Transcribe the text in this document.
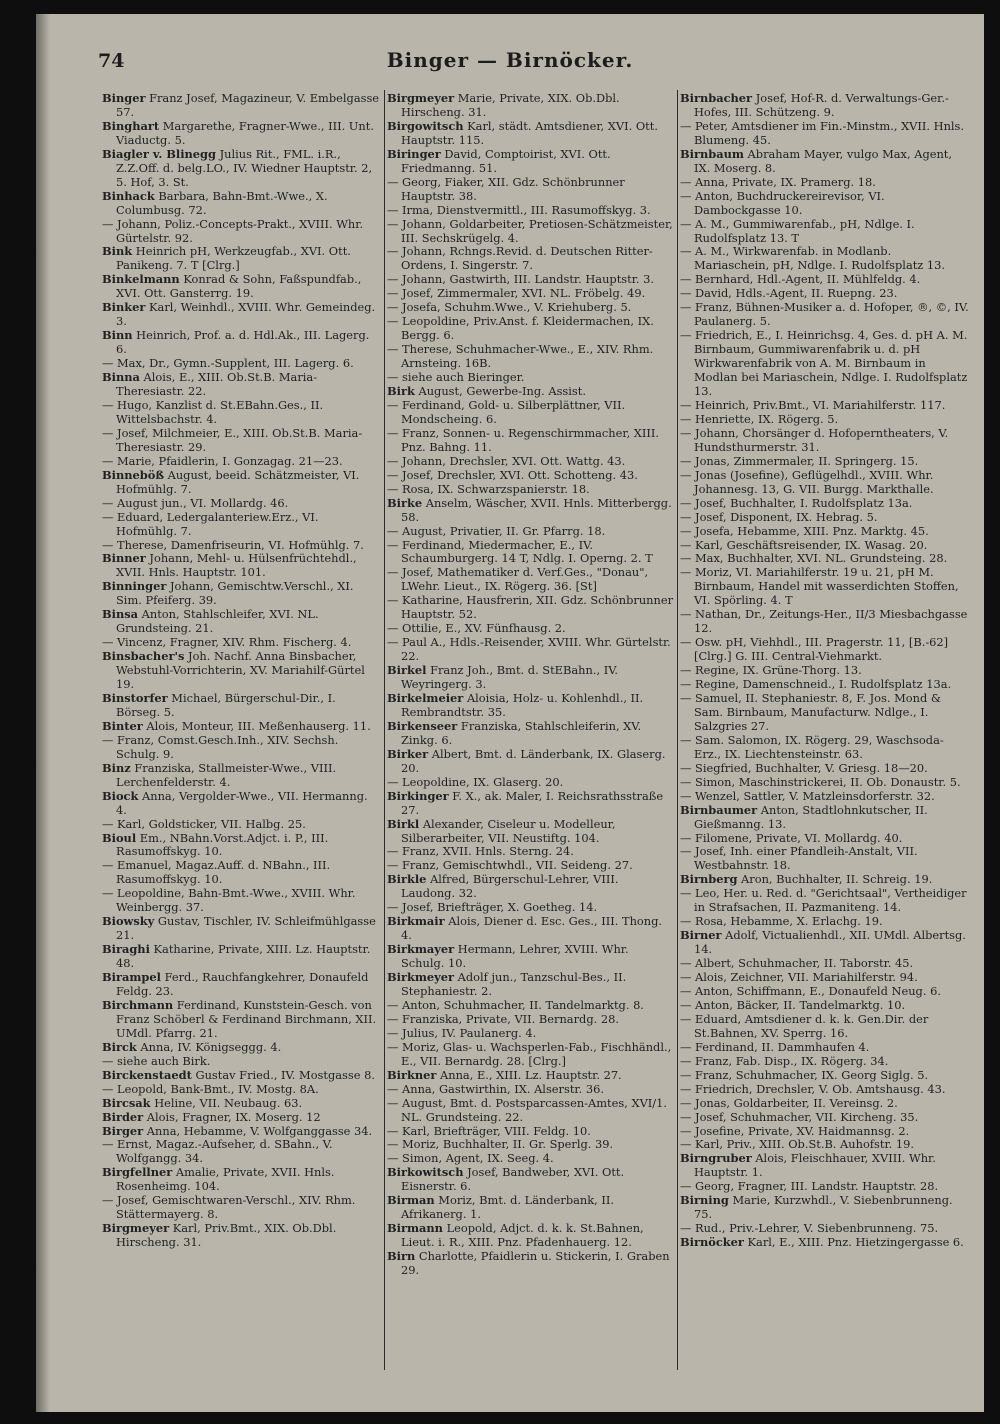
74	Binger — Birnöcker.

Binger Franz Josef, Magazineur, V. Embelgasse 57.

Binghart Margarethe, Fragner-Wwe., III. Unt. Viaductg. 5.

Biagler v. Blinegg Julius Rit., FML. i.R., Z.Z.Off. d. belg.LO., IV. Wiedner Hauptstr. 2, 5. Hof, 3. St.

Binhack Barbara, Bahn-Bmt.-Wwe., X. Columbusg. 72.

— Johann, Poliz.-Concepts-Prakt., XVIII. Whr. Gürtelstr. 92.

Bink Heinrich pH, Werkzeugfab., XVI. Ott. Panikeng. 7. T [Clrg.]

Binkelmann Konrad & Sohn, Faßspundfab., XVI. Ott. Gansterrg. 19.

Binker Karl, Weinhdl., XVIII. Whr. Gemeindeg. 3.

Binn Heinrich, Prof. a. d. Hdl.Ak., III. Lagerg. 6.

— Max, Dr., Gymn.-Supplent, III. Lagerg. 6.

Binna Alois, E., XIII. Ob.St.B. Maria-Theresiastr. 22.

— Hugo, Kanzlist d. St.EBahn.Ges., II. Wittelsbachstr. 4.

— Josef, Milchmeier, E., XIII. Ob.St.B. Maria-Theresiastr. 29.

— Marie, Pfaidlerin, I. Gonzagag. 21—23.

Binneböß August, beeid. Schätzmeister, VI. Hofmühlg. 7.

— August jun., VI. Mollardg. 46.

— Eduard, Ledergalanteriew.Erz., VI. Hofmühlg. 7.

— Therese, Damenfriseurin, VI. Hofmühlg. 7.

Binner Johann, Mehl- u. Hülsenfrüchtehdl., XVII. Hnls. Hauptstr. 101.

Binninger Johann, Gemischtw.Verschl., XI. Sim. Pfeiferg. 39.

Binsa Anton, Stahlschleifer, XVI. NL. Grundsteing. 21.

— Vincenz, Fragner, XIV. Rhm. Fischerg. 4.

Binsbacher's Joh. Nachf. Anna Binsbacher, Webstuhl-Vorrichterin, XV. Mariahilf-Gürtel 19.

Binstorfer Michael, Bürgerschul-Dir., I. Börseg. 5.

Binter Alois, Monteur, III. Meßenhauserg. 11.

— Franz, Comst.Gesch.Inh., XIV. Sechsh. Schulg. 9.

Binz Franziska, Stallmeister-Wwe., VIII. Lerchenfelderstr. 4.

Biock Anna, Vergolder-Wwe., VII. Hermanng. 4.

— Karl, Goldsticker, VII. Halbg. 25.

Bioul Em., NBahn.Vorst.Adjct. i. P., III. Rasumoffskyg. 10.

— Emanuel, Magaz.Auff. d. NBahn., III. Rasumoffskyg. 10.

— Leopoldine, Bahn-Bmt.-Wwe., XVIII. Whr. Weinbergg. 37.

Biowsky Gustav, Tischler, IV. Schleifmühlgasse 21.

Biraghi Katharine, Private, XIII. Lz. Hauptstr. 48.

Birampel Ferd., Rauchfangkehrer, Donaufeld Feldg. 23.

Birchmann Ferdinand, Kunststein-Gesch. von Franz Schöberl & Ferdinand Birchmann, XII. UMdl. Pfarrg. 21.

Birck Anna, IV. Königseggg. 4.

— siehe auch Birk.

Birckenstaedt Gustav Fried., IV. Mostgasse 8.

— Leopold, Bank-Bmt., IV. Mostg. 8A.

Bircsak Heline, VII. Neubaug. 63.

Birder Alois, Fragner, IX. Moserg. 12

Birger Anna, Hebamme, V. Wolfganggasse 34.

— Ernst, Magaz.-Aufseher, d. SBahn., V. Wolfgangg. 34.

Birgfellner Amalie, Private, XVII. Hnls. Rosenheimg. 104.

— Josef, Gemischtwaren-Verschl., XIV. Rhm. Stättermayerg. 8.

Birgmeyer Karl, Priv.Bmt., XIX. Ob.Dbl. Hirscheng. 31.

Birgmeyer Marie, Private, XIX. Ob.Dbl. Hirscheng. 31.

Birgowitsch Karl, städt. Amtsdiener, XVI. Ott. Hauptstr. 115.

Biringer David, Comptoirist, XVI. Ott. Friedmanng. 51.

— Georg, Fiaker, XII. Gdz. Schönbrunner Hauptstr. 38.

— Irma, Dienstvermittl., III. Rasumoffskyg. 3.

— Johann, Goldarbeiter, Pretiosen-Schätzmeister, III. Sechskrügelg. 4.

— Johann, Rchngs.Revid. d. Deutschen Ritter-Ordens, I. Singerstr. 7.

— Johann, Gastwirth, III. Landstr. Hauptstr. 3.

— Josef, Zimmermaler, XVI. NL. Fröbelg. 49.

— Josefa, Schuhm.Wwe., V. Kriehuberg. 5.

— Leopoldine, Priv.Anst. f. Kleidermachen, IX. Bergg. 6.

— Therese, Schuhmacher-Wwe., E., XIV. Rhm. Arnsteing. 16B.

— siehe auch Bieringer.

Birk August, Gewerbe-Ing. Assist.

— Ferdinand, Gold- u. Silberplättner, VII. Mondscheing. 6.

— Franz, Sonnen- u. Regenschirmmacher, XIII. Pnz. Bahng. 11.

— Johann, Drechsler, XVI. Ott. Wattg. 43.

— Josef, Drechsler, XVI. Ott. Schotteng. 43.

— Rosa, IX. Schwarzspanierstr. 18.

Birke Anselm, Wäscher, XVII. Hnls. Mitterbergg. 58.

— August, Privatier, II. Gr. Pfarrg. 18.

— Ferdinand, Miedermacher, E., IV. Schaumburgerg. 14 T, Ndlg. I. Operng. 2. T

— Josef, Mathematiker d. Verf.Ges., "Donau", LWehr. Lieut., IX. Rögerg. 36. [St]

— Katharine, Hausfrerin, XII. Gdz. Schönbrunner Hauptstr. 52.

— Ottilie, E., XV. Fünfhausg. 2.

— Paul A., Hdls.-Reisender, XVIII. Whr. Gürtelstr. 22.

Birkel Franz Joh., Bmt. d. StEBahn., IV. Weyringerg. 3.

Birkelmeier Aloisia, Holz- u. Kohlenhdl., II. Rembrandtstr. 35.

Birkenseer Franziska, Stahlschleiferin, XV. Zinkg. 6.

Birker Albert, Bmt. d. Länderbank, IX. Glaserg. 20.

— Leopoldine, IX. Glaserg. 20.

Birkinger F. X., ak. Maler, I. Reichsrathsstraße 27.

Birkl Alexander, Ciseleur u. Modelleur, Silberarbeiter, VII. Neustiftg. 104.

— Franz, XVII. Hnls. Sterng. 24.

— Franz, Gemischtwhdl., VII. Seideng. 27.

Birkle Alfred, Bürgerschul-Lehrer, VIII. Laudong. 32.

— Josef, Briefträger, X. Goetheg. 14.

Birkmair Alois, Diener d. Esc. Ges., III. Thong. 4.

Birkmayer Hermann, Lehrer, XVIII. Whr. Schulg. 10.

Birkmeyer Adolf jun., Tanzschul-Bes., II. Stephaniestr. 2.

— Anton, Schuhmacher, II. Tandelmarktg. 8.

— Franziska, Private, VII. Bernardg. 28.

— Julius, IV. Paulanerg. 4.

— Moriz, Glas- u. Wachsperlen-Fab., Fischhändl., E., VII. Bernardg. 28. [Clrg.]

Birkner Anna, E., XIII. Lz. Hauptstr. 27.

— Anna, Gastwirthin, IX. Alserstr. 36.

— August, Bmt. d. Postsparcassen-Amtes, XVI/1. NL. Grundsteing. 22.

— Karl, Briefträger, VIII. Feldg. 10.

— Moriz, Buchhalter, II. Gr. Sperlg. 39.

— Simon, Agent, IX. Seeg. 4.

Birkowitsch Josef, Bandweber, XVI. Ott. Eisnerstr. 6.

Birman Moriz, Bmt. d. Länderbank, II. Afrikanerg. 1.

Birmann Leopold, Adjct. d. k. k. St.Bahnen, Lieut. i. R., XIII. Pnz. Pfadenhauerg. 12.

Birn Charlotte, Pfaidlerin u. Stickerin, I. Graben 29.

Birnbacher Josef, Hof-R. d. Verwaltungs-Ger.-Hofes, III. Schützeng. 9.

— Peter, Amtsdiener im Fin.-Minstm., XVII. Hnls. Blumeng. 45.

Birnbaum Abraham Mayer, vulgo Max, Agent, IX. Moserg. 8.

— Anna, Private, IX. Pramerg. 18.

— Anton, Buchdruckereirevisor, VI. Dambockgasse 10.

— A. M., Gummiwarenfab., pH, Ndlge. I. Rudolfsplatz 13. T

— A. M., Wirkwarenfab. in Modlanb. Mariaschein, pH, Ndlge. I. Rudolfsplatz 13.

— Bernhard, Hdl.-Agent, II. Mühlfeldg. 4.

— David, Hdls.-Agent, II. Ruepng. 23.

— Franz, Bühnen-Musiker a. d. Hofoper, ®, ©, IV. Paulanerg. 5.

— Friedrich, E., I. Heinrichsg. 4, Ges. d. pH A. M. Birnbaum, Gummiwarenfabrik u. d. pH Wirkwarenfabrik von A. M. Birnbaum in Modlan bei Mariaschein, Ndlge. I. Rudolfsplatz 13.

— Heinrich, Priv.Bmt., VI. Mariahilferstr. 117.

— Henriette, IX. Rögerg. 5.

— Johann, Chorsänger d. Hofoperntheaters, V. Hundsthurmerstr. 31.

— Jonas, Zimmermaler, II. Springerg. 15.

— Jonas (Josefine), Geflügelhdl., XVIII. Whr. Johannesg. 13, G. VII. Burgg. Markthalle.

— Josef, Buchhalter, I. Rudolfsplatz 13a.

— Josef, Disponent, IX. Hebrag. 5.

— Josefa, Hebamme, XIII. Pnz. Marktg. 45.

— Karl, Geschäftsreisender, IX. Wasag. 20.

— Max, Buchhalter, XVI. NL. Grundsteing. 28.

— Moriz, VI. Mariahilferstr. 19 u. 21, pH M. Birnbaum, Handel mit wasserdichten Stoffen, VI. Spörling. 4. T

— Nathan, Dr., Zeitungs-Her., II/3 Miesbachgasse 12.

— Osw. pH, Viehhdl., III. Pragerstr. 11, [B.-62] [Clrg.] G. III. Central-Viehmarkt.

— Regine, IX. Grüne-Thorg. 13.

— Regine, Damenschneid., I. Rudolfsplatz 13a.

— Samuel, II. Stephaniestr. 8, F. Jos. Mond & Sam. Birnbaum, Manufacturw. Ndlge., I. Salzgries 27.

— Sam. Salomon, IX. Rögerg. 29, Waschsoda-Erz., IX. Liechtensteinstr. 63.

— Siegfried, Buchhalter, V. Griesg. 18—20.

— Simon, Maschinstrickerei, II. Ob. Donaustr. 5.

— Wenzel, Sattler, V. Matzleinsdorferstr. 32.

Birnbaumer Anton, Stadtlohnkutscher, II. Gießmanng. 13.

— Filomene, Private, VI. Mollardg. 40.

— Josef, Inh. einer Pfandleih-Anstalt, VII. Westbahnstr. 18.

Birnberg Aron, Buchhalter, II. Schreig. 19.

— Leo, Her. u. Red. d. "Gerichtsaal", Vertheidiger in Strafsachen, II. Pazmaniteng. 14.

— Rosa, Hebamme, X. Erlachg. 19.

Birner Adolf, Victualienhdl., XII. UMdl. Albertsg. 14.

— Albert, Schuhmacher, II. Taborstr. 45.

— Alois, Zeichner, VII. Mariahilferstr. 94.

— Anton, Schiffmann, E., Donaufeld Neug. 6.

— Anton, Bäcker, II. Tandelmarktg. 10.

— Eduard, Amtsdiener d. k. k. Gen.Dir. der St.Bahnen, XV. Sperrg. 16.

— Ferdinand, II. Dammhaufen 4.

— Franz, Fab. Disp., IX. Rögerg. 34.

— Franz, Schuhmacher, IX. Georg Siglg. 5.

— Friedrich, Drechsler, V. Ob. Amtshausg. 43.

— Jonas, Goldarbeiter, II. Vereinsg. 2.

— Josef, Schuhmacher, VII. Kircheng. 35.

— Josefine, Private, XV. Haidmannsg. 2.

— Karl, Priv., XIII. Ob.St.B. Auhofstr. 19.

Birngruber Alois, Fleischhauer, XVIII. Whr. Hauptstr. 1.

— Georg, Fragner, III. Landstr. Hauptstr. 28.

Birning Marie, Kurzwhdl., V. Siebenbrunneng. 75.

— Rud., Priv.-Lehrer, V. Siebenbrunneng. 75.

Birnöcker Karl, E., XIII. Pnz. Hietzingergasse 6.
